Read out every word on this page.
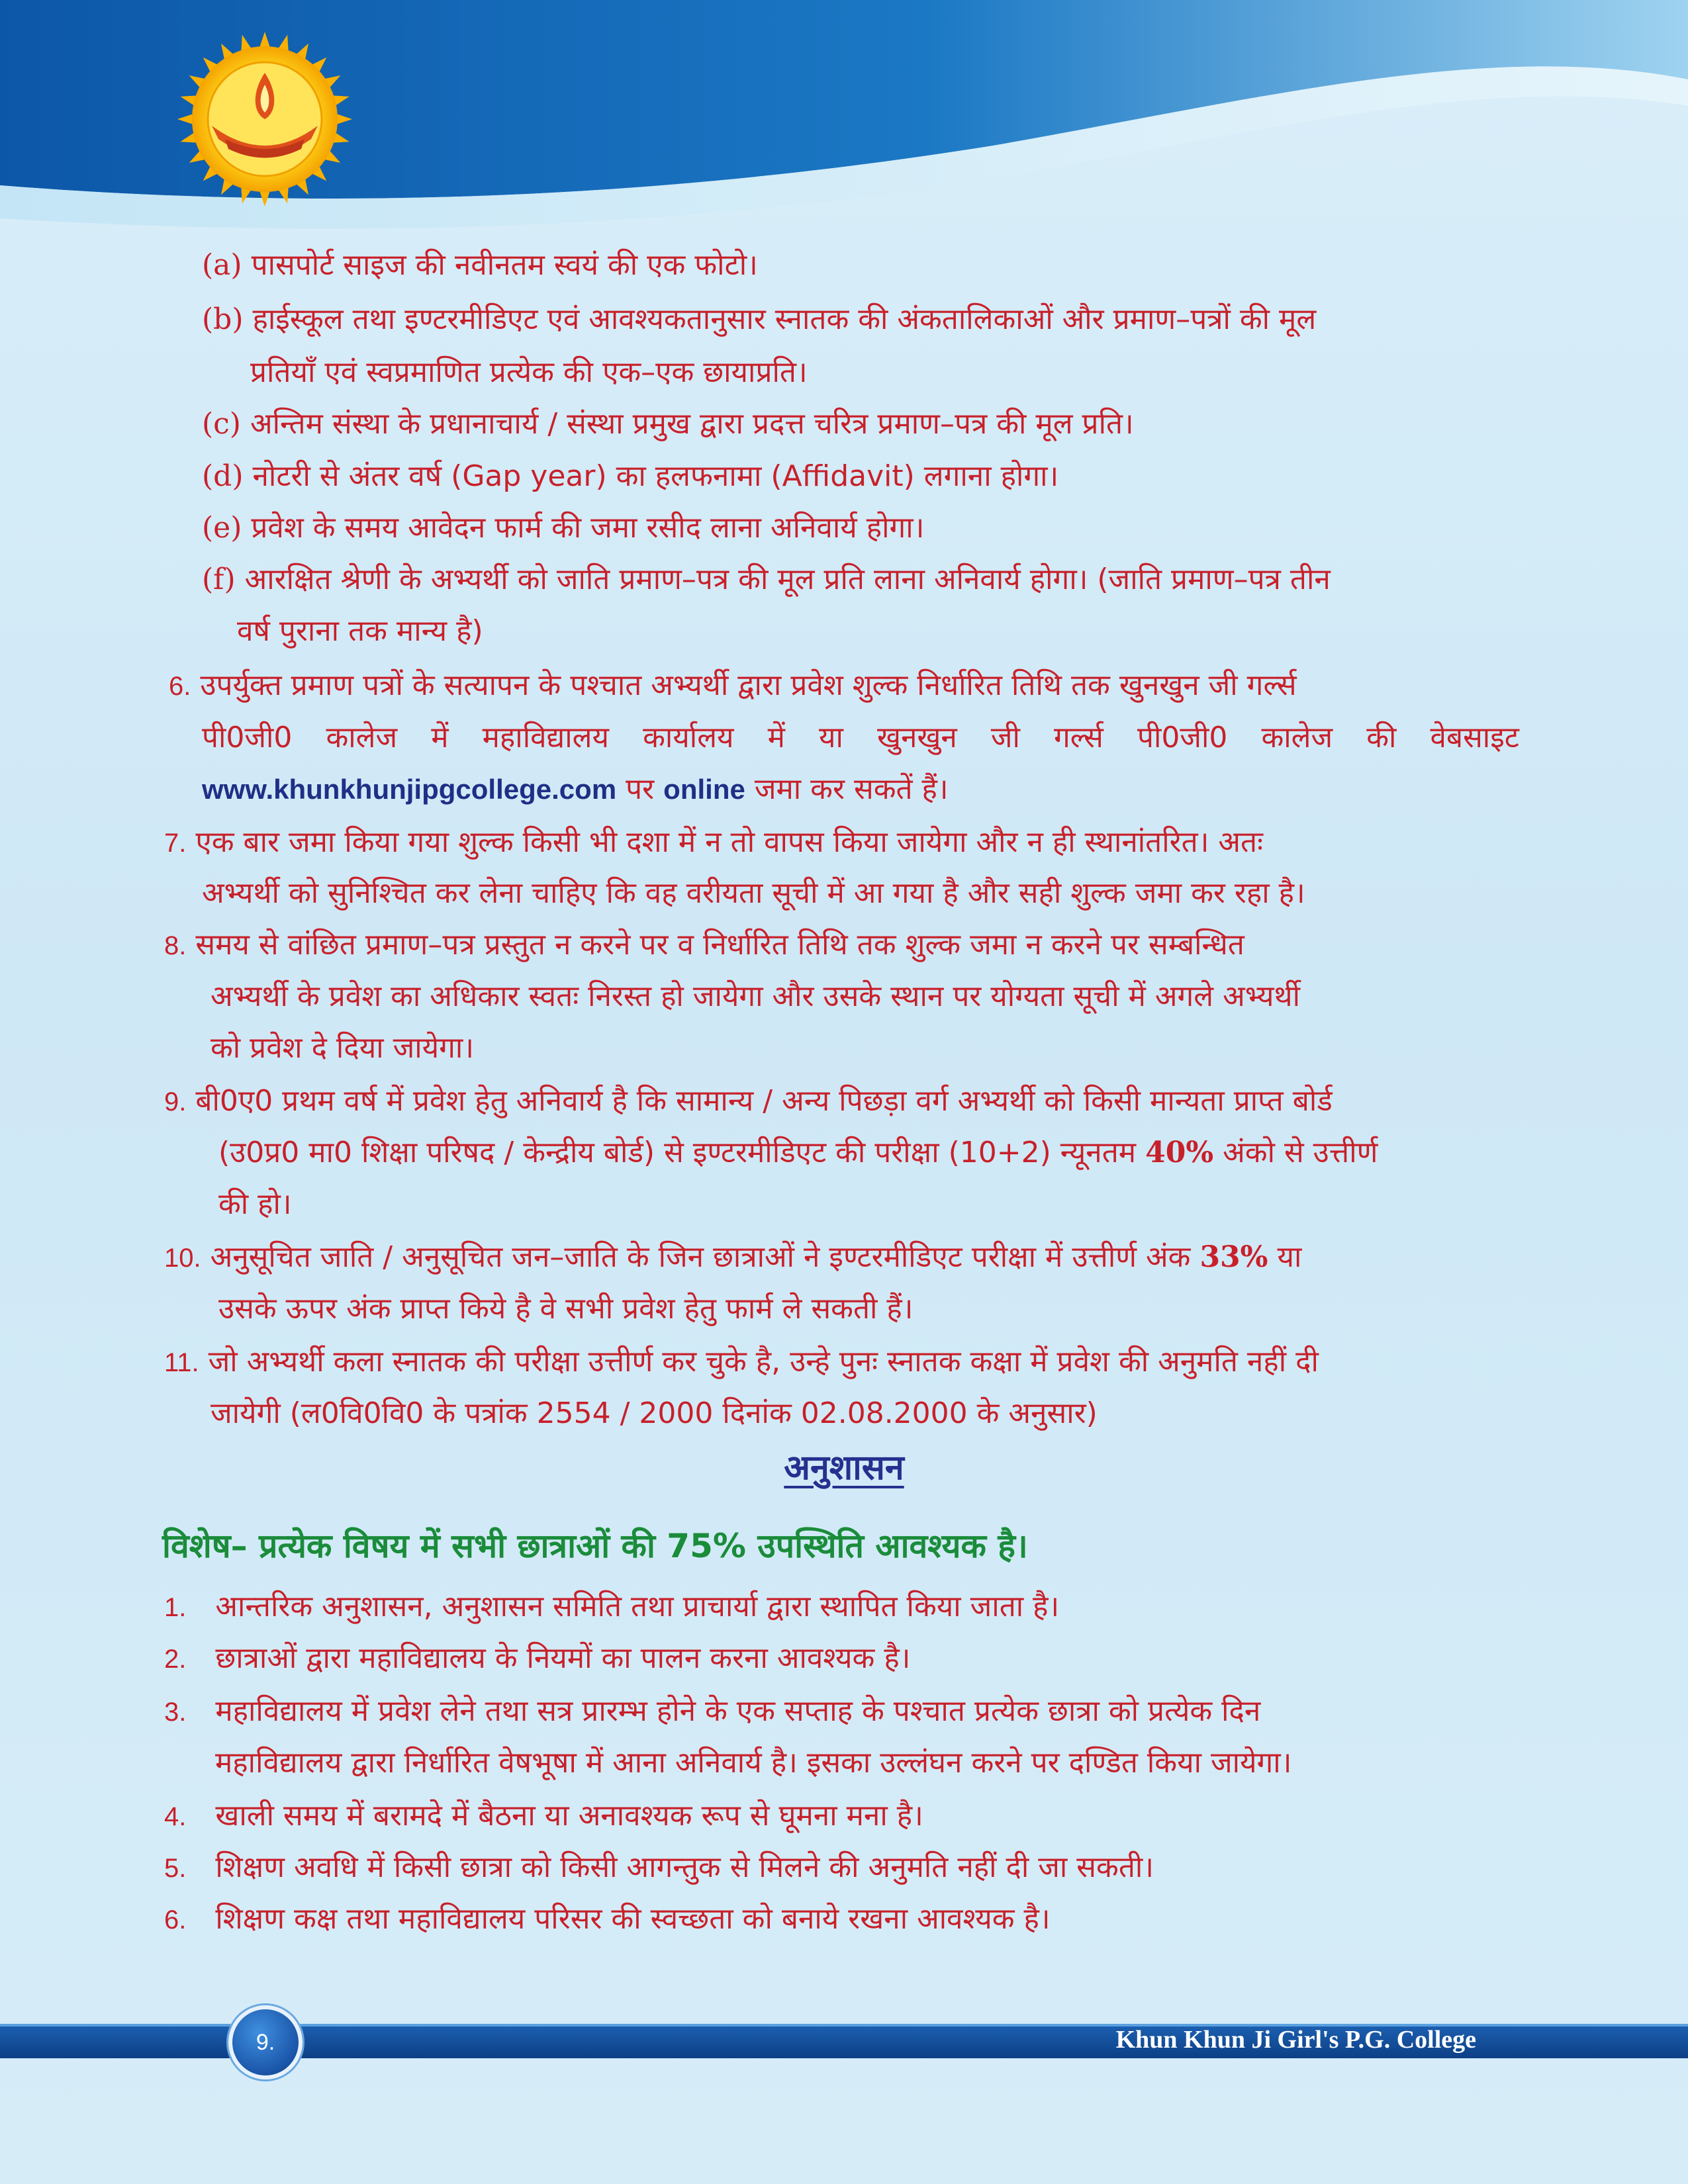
(a) पासपोर्ट साइज की नवीनतम स्वयं की एक फोटो।
(b) हाईस्कूल तथा इण्टरमीडिएट एवं आवश्यकतानुसार स्नातक की अंकतालिकाओं और प्रमाण–पत्रों की मूल
प्रतियाँ एवं स्वप्रमाणित प्रत्येक की एक–एक छायाप्रति।
(c) अन्तिम संस्था के प्रधानाचार्य / संस्था प्रमुख द्वारा प्रदत्त चरित्र प्रमाण–पत्र की मूल प्रति।
(d) नोटरी से अंतर वर्ष (Gap year) का हलफनामा (Affidavit) लगाना होगा।
(e) प्रवेश के समय आवेदन फार्म की जमा रसीद लाना अनिवार्य होगा।
(f) आरक्षित श्रेणी के अभ्यर्थी को जाति प्रमाण–पत्र की मूल प्रति लाना अनिवार्य होगा। (जाति प्रमाण–पत्र तीन
वर्ष पुराना तक मान्य है)
6. उपर्युक्त प्रमाण पत्रों के सत्यापन के पश्चात अभ्यर्थी द्वारा प्रवेश शुल्क निर्धारित तिथि तक खुनखुन जी गर्ल्स
पी0जी0 कालेज में महाविद्यालय कार्यालय में या खुनखुन जी गर्ल्स पी0जी0 कालेज की वेबसाइट
www.khunkhunjipgcollege.com पर online जमा कर सकतें हैं।
7. एक बार जमा किया गया शुल्क किसी भी दशा में न तो वापस किया जायेगा और न ही स्थानांतरित। अतः
अभ्यर्थी को सुनिश्चित कर लेना चाहिए कि वह वरीयता सूची में आ गया है और सही शुल्क जमा कर रहा है।
8. समय से वांछित प्रमाण–पत्र प्रस्तुत न करने पर व निर्धारित तिथि तक शुल्क जमा न करने पर सम्बन्धित
अभ्यर्थी के प्रवेश का अधिकार स्वतः निरस्त हो जायेगा और उसके स्थान पर योग्यता सूची में अगले अभ्यर्थी
को प्रवेश दे दिया जायेगा।
9. बी0ए0 प्रथम वर्ष में प्रवेश हेतु अनिवार्य है कि सामान्य / अन्य पिछड़ा वर्ग अभ्यर्थी को किसी मान्यता प्राप्त बोर्ड
(उ0प्र0 मा0 शिक्षा परिषद / केन्द्रीय बोर्ड) से इण्टरमीडिएट की परीक्षा (10+2) न्यूनतम 40% अंको से उत्तीर्ण
की हो।
10. अनुसूचित जाति / अनुसूचित जन–जाति के जिन छात्राओं ने इण्टरमीडिएट परीक्षा में उत्तीर्ण अंक 33% या
उसके ऊपर अंक प्राप्त किये है वे सभी प्रवेश हेतु फार्म ले सकती हैं।
11. जो अभ्यर्थी कला स्नातक की परीक्षा उत्तीर्ण कर चुके है, उन्हे पुनः स्नातक कक्षा में प्रवेश की अनुमति नहीं दी
जायेगी (ल0वि0वि0 के पत्रांक 2554 / 2000 दिनांक 02.08.2000 के अनुसार)
अनुशासन
विशेष– प्रत्येक विषय में सभी छात्राओं की 75% उपस्थिति आवश्यक है।
1. आन्तरिक अनुशासन, अनुशासन समिति तथा प्राचार्या द्वारा स्थापित किया जाता है।
2. छात्राओं द्वारा महाविद्यालय के नियमों का पालन करना आवश्यक है।
3. महाविद्यालय में प्रवेश लेने तथा सत्र प्रारम्भ होने के एक सप्ताह के पश्चात प्रत्येक छात्रा को प्रत्येक दिन
महाविद्यालय द्वारा निर्धारित वेषभूषा में आना अनिवार्य है। इसका उल्लंघन करने पर दण्डित किया जायेगा।
4. खाली समय में बरामदे में बैठना या अनावश्यक रूप से घूमना मना है।
5. शिक्षण अवधि में किसी छात्रा को किसी आगन्तुक से मिलने की अनुमति नहीं दी जा सकती।
6. शिक्षण कक्ष तथा महाविद्यालय परिसर की स्वच्छता को बनाये रखना आवश्यक है।
9.	Khun Khun Ji Girl's P.G. College
